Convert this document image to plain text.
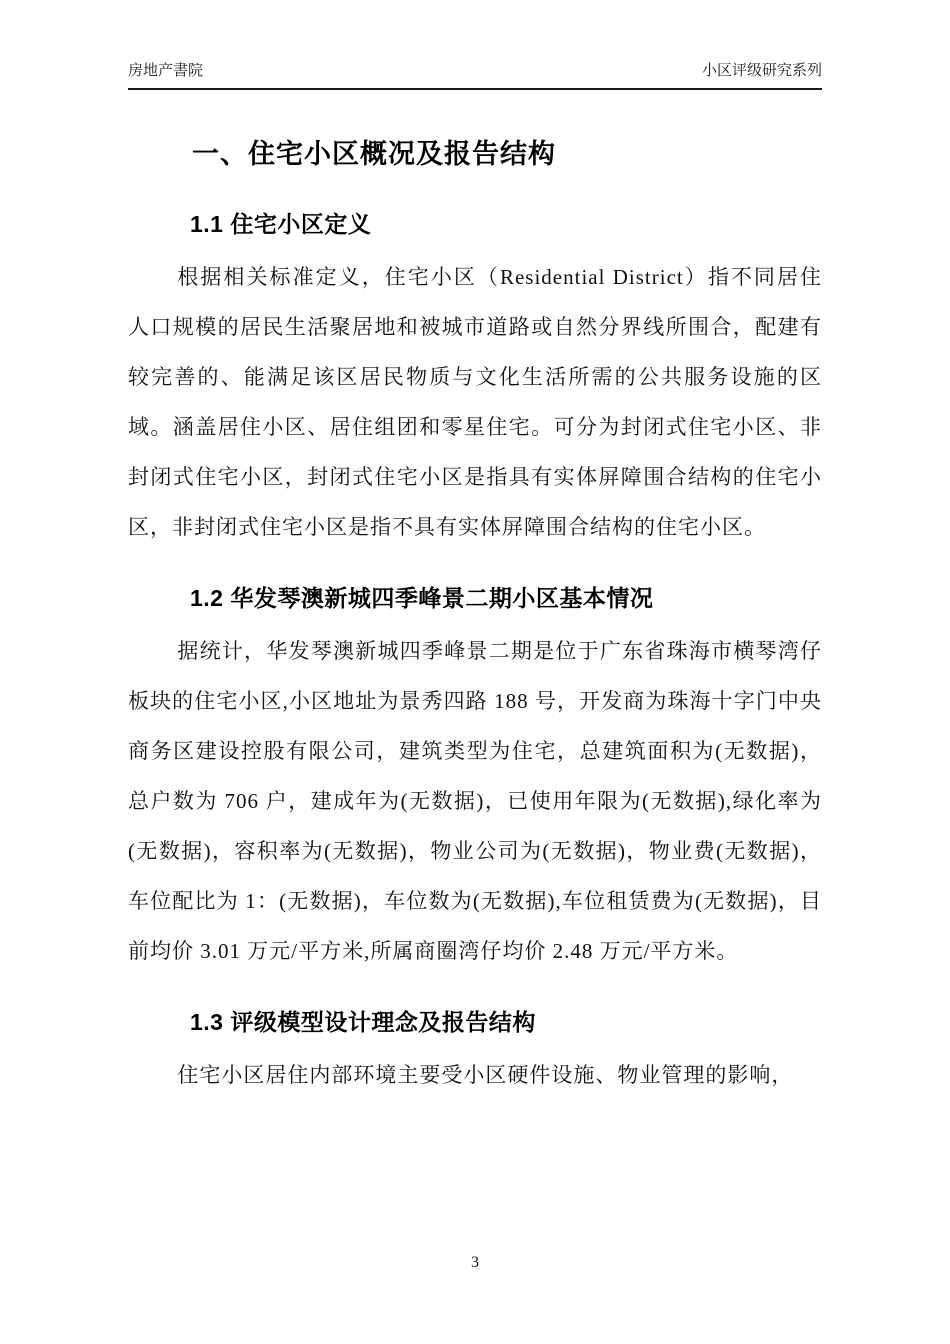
房地产書院	小区评级研究系列
一、住宅小区概况及报告结构
1.1 住宅小区定义

根据相关标准定义，住宅小区（Residential District）指不同居住人口规模的居民生活聚居地和被城市道路或自然分界线所围合，配建有较完善的、能满足该区居民物质与文化生活所需的公共服务设施的区域。涵盖居住小区、居住组团和零星住宅。可分为封闭式住宅小区、非封闭式住宅小区，封闭式住宅小区是指具有实体屏障围合结构的住宅小区，非封闭式住宅小区是指不具有实体屏障围合结构的住宅小区。

1.2 华发琴澳新城四季峰景二期小区基本情况

据统计，华发琴澳新城四季峰景二期是位于广东省珠海市横琴湾仔板块的住宅小区,小区地址为景秀四路 188 号，开发商为珠海十字门中央商务区建设控股有限公司，建筑类型为住宅，总建筑面积为(无数据)，总户数为 706 户，建成年为(无数据)，已使用年限为(无数据),绿化率为(无数据)，容积率为(无数据)，物业公司为(无数据)，物业费(无数据)，车位配比为 1：(无数据)，车位数为(无数据),车位租赁费为(无数据)，目前均价 3.01 万元/平方米,所属商圈湾仔均价 2.48 万元/平方米。

1.3 评级模型设计理念及报告结构

住宅小区居住内部环境主要受小区硬件设施、物业管理的影响，

3
